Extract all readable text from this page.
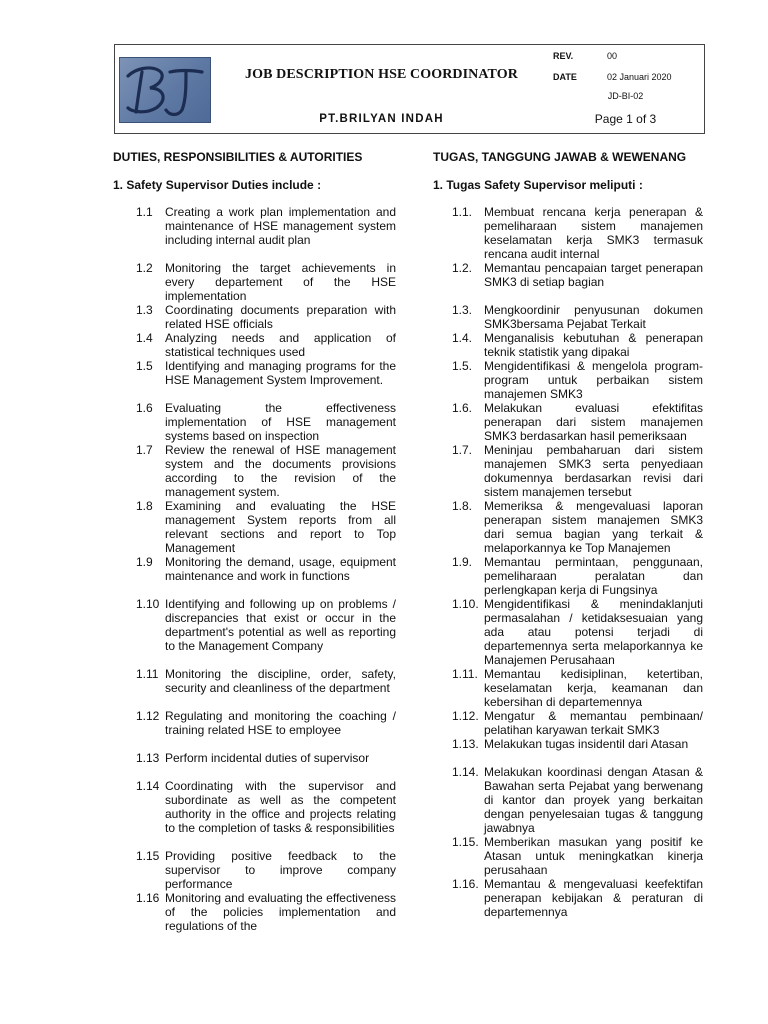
JOB DESCRIPTION HSE COORDINATOR
PT.BRILYAN INDAH
REV.	00
DATE	02 Januari 2020
JD-BI-02
Page 1 of 3
DUTIES, RESPONSIBILITIES & AUTORITIES
1. Safety Supervisor Duties include :
1.1	Creating a work plan implementation and maintenance of HSE management system including internal audit plan
1.2	Monitoring the target achievements in every departement of the HSE implementation
1.3	Coordinating documents preparation with related HSE officials
1.4	Analyzing needs and application of statistical techniques used
1.5	Identifying and managing programs for the HSE Management System Improvement.
1.6	Evaluating the effectiveness implementation of HSE management systems based on inspection
1.7	Review the renewal of HSE management system and the documents provisions according to the revision of the management system.
1.8	Examining and evaluating the HSE management System reports from all relevant sections and report to Top Management
1.9	Monitoring the demand, usage, equipment maintenance and work in functions
1.10 Identifying and following up on problems / discrepancies that exist or occur in the department's potential as well as reporting to the Management Company
1.11 Monitoring the discipline, order, safety, security and cleanliness of the department
1.12 Regulating and monitoring the coaching / training related HSE to employee
1.13 Perform incidental duties of supervisor
1.14 Coordinating with the supervisor and subordinate as well as the competent authority in the office and projects relating to the completion of tasks & responsibilities
1.15 Providing positive feedback to the supervisor to improve company performance
1.16 Monitoring and evaluating the effectiveness of the policies implementation and regulations of the
TUGAS, TANGGUNG JAWAB & WEWENANG
1. Tugas Safety Supervisor meliputi :
1.1. Membuat rencana kerja penerapan & pemeliharaan sistem manajemen keselamatan kerja SMK3 termasuk rencana audit internal
1.2. Memantau pencapaian target penerapan SMK3 di setiap bagian
1.3. Mengkoordinir penyusunan dokumen SMK3bersama Pejabat Terkait
1.4. Menganalisis kebutuhan & penerapan teknik statistik yang dipakai
1.5. Mengidentifikasi & mengelola program-program untuk perbaikan sistem manajemen SMK3
1.6. Melakukan evaluasi efektifitas penerapan dari sistem manajemen SMK3 berdasarkan hasil pemeriksaan
1.7. Meninjau pembaharuan dari sistem manajemen SMK3 serta penyediaan dokumennya berdasarkan revisi dari sistem manajemen tersebut
1.8. Memeriksa & mengevaluasi laporan penerapan sistem manajemen SMK3 dari semua bagian yang terkait & melaporkannya ke Top Manajemen
1.9. Memantau permintaan, penggunaan, pemeliharaan peralatan dan perlengkapan kerja di Fungsinya
1.10. Mengidentifikasi & menindaklanjuti permasalahan / ketidaksesuaian yang ada atau potensi terjadi di departemennya serta melaporkannya ke Manajemen Perusahaan
1.11. Memantau kedisiplinan, ketertiban, keselamatan kerja, keamanan dan kebersihan di departemennya
1.12. Mengatur & memantau pembinaan/ pelatihan karyawan terkait SMK3
1.13. Melakukan tugas insidentil dari Atasan
1.14. Melakukan koordinasi dengan Atasan & Bawahan serta Pejabat yang berwenang di kantor dan proyek yang berkaitan dengan penyelesaian tugas & tanggung jawabnya
1.15. Memberikan masukan yang positif ke Atasan untuk meningkatkan kinerja perusahaan
1.16. Memantau & mengevaluasi keefektifan penerapan kebijakan & peraturan di departemennya
